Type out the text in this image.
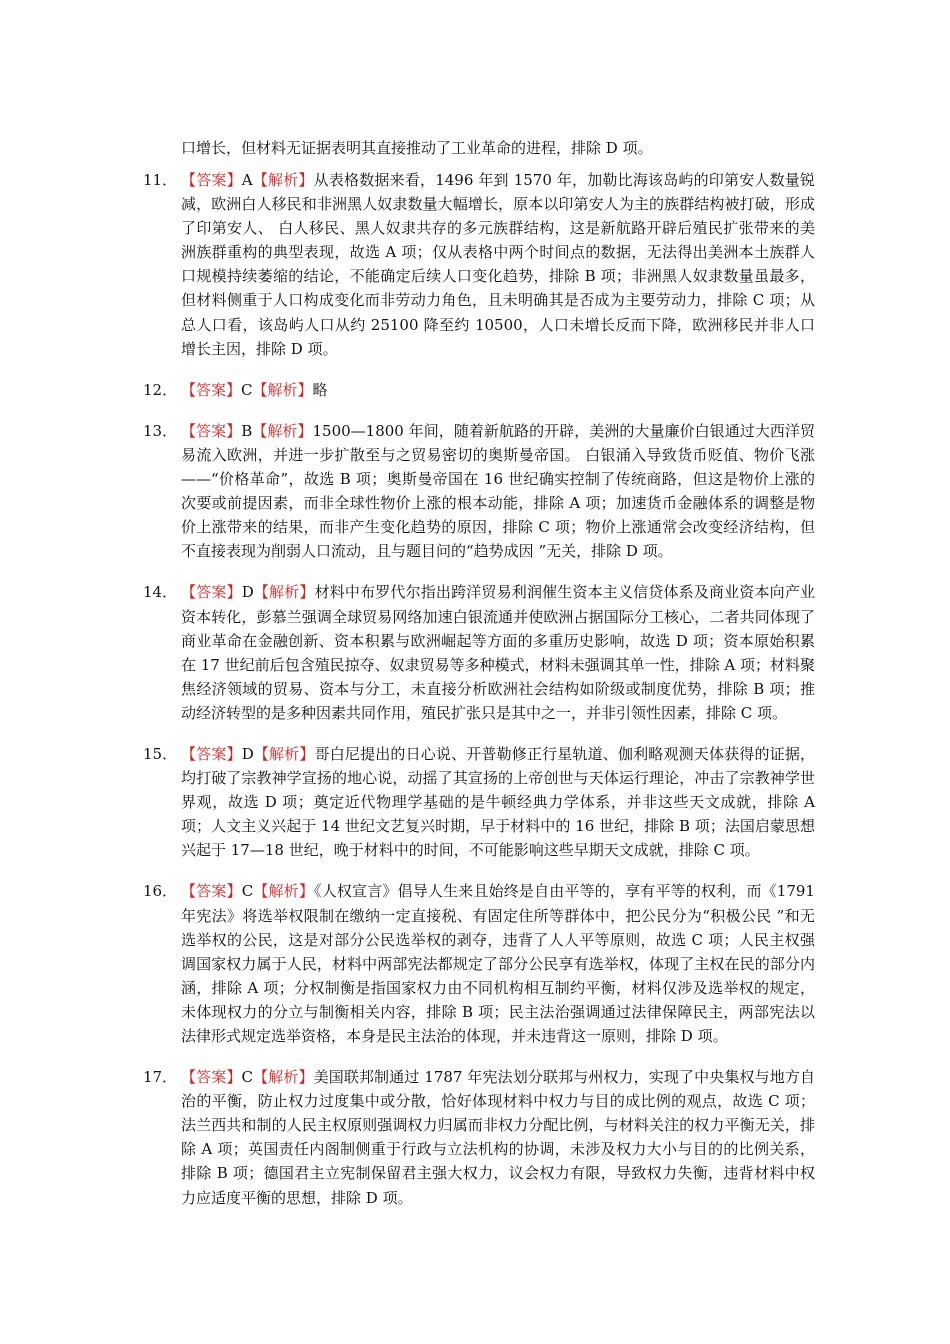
口增长，但材料无证据表明其直接推动了工业革命的进程，排除 D 项。
11． 【答案】A【解析】从表格数据来看，1496 年到 1570 年，加勒比海该岛屿的印第安人数量锐减，欧洲白人移民和非洲黑人奴隶数量大幅增长，原本以印第安人为主的族群结构被打破，形成了印第安人、 白人移民、黑人奴隶共存的多元族群结构，这是新航路开辟后殖民扩张带来的美洲族群重构的典型表现，故选 A 项；仅从表格中两个时间点的数据，无法得出美洲本土族群人口规模持续萎缩的结论，不能确定后续人口变化趋势，排除 B 项；非洲黑人奴隶数量虽最多，但材料侧重于人口构成变化而非劳动力角色，且未明确其是否成为主要劳动力，排除 C 项；从总人口看，该岛屿人口从约 25100 降至约 10500，人口未增长反而下降，欧洲移民并非人口增长主因，排除 D 项。
12． 【答案】C【解析】略
13． 【答案】B【解析】1500—1800 年间，随着新航路的开辟，美洲的大量廉价白银通过大西洋贸易流入欧洲，并进一步扩散至与之贸易密切的奥斯曼帝国。 白银涌入导致货币贬值、物价飞涨——“价格革命”，故选 B 项；奥斯曼帝国在 16 世纪确实控制了传统商路，但这是物价上涨的次要或前提因素，而非全球性物价上涨的根本动能，排除 A 项；加速货币金融体系的调整是物价上涨带来的结果，而非产生变化趋势的原因，排除 C 项；物价上涨通常会改变经济结构，但不直接表现为削弱人口流动，且与题目问的“趋势成因 ”无关，排除 D 项。
14． 【答案】D【解析】材料中布罗代尔指出跨洋贸易利润催生资本主义信贷体系及商业资本向产业资本转化，彭慕兰强调全球贸易网络加速白银流通并使欧洲占据国际分工核心，二者共同体现了商业革命在金融创新、资本积累与欧洲崛起等方面的多重历史影响，故选 D 项；资本原始积累在 17 世纪前后包含殖民掠夺、奴隶贸易等多种模式，材料未强调其单一性，排除 A 项；材料聚焦经济领域的贸易、资本与分工，未直接分析欧洲社会结构如阶级或制度优势，排除 B 项；推动经济转型的是多种因素共同作用，殖民扩张只是其中之一，并非引领性因素，排除 C 项。
15． 【答案】D【解析】哥白尼提出的日心说、开普勒修正行星轨道、伽利略观测天体获得的证据，均打破了宗教神学宣扬的地心说，动摇了其宣扬的上帝创世与天体运行理论，冲击了宗教神学世界观，故选 D 项；奠定近代物理学基础的是牛顿经典力学体系，并非这些天文成就，排除 A 项；人文主义兴起于 14 世纪文艺复兴时期，早于材料中的 16 世纪，排除 B 项；法国启蒙思想兴起于 17—18 世纪，晚于材料中的时间，不可能影响这些早期天文成就，排除 C 项。
16． 【答案】C【解析】《人权宣言》倡导人生来且始终是自由平等的，享有平等的权利，而《1791 年宪法》将选举权限制在缴纳一定直接税、有固定住所等群体中，把公民分为“积极公民 ”和无选举权的公民，这是对部分公民选举权的剥夺，违背了人人平等原则，故选 C 项；人民主权强调国家权力属于人民，材料中两部宪法都规定了部分公民享有选举权，体现了主权在民的部分内涵，排除 A 项；分权制衡是指国家权力由不同机构相互制约平衡，材料仅涉及选举权的规定，未体现权力的分立与制衡相关内容，排除 B 项；民主法治强调通过法律保障民主，两部宪法以法律形式规定选举资格，本身是民主法治的体现，并未违背这一原则，排除 D 项。
17． 【答案】C【解析】美国联邦制通过 1787 年宪法划分联邦与州权力，实现了中央集权与地方自治的平衡，防止权力过度集中或分散，恰好体现材料中权力与目的成比例的观点，故选 C 项；法兰西共和制的人民主权原则强调权力归属而非权力分配比例，与材料关注的权力平衡无关，排除 A 项；英国责任内阁制侧重于行政与立法机构的协调，未涉及权力大小与目的的比例关系，排除 B 项；德国君主立宪制保留君主强大权力，议会权力有限，导致权力失衡，违背材料中权力应适度平衡的思想，排除 D 项。
